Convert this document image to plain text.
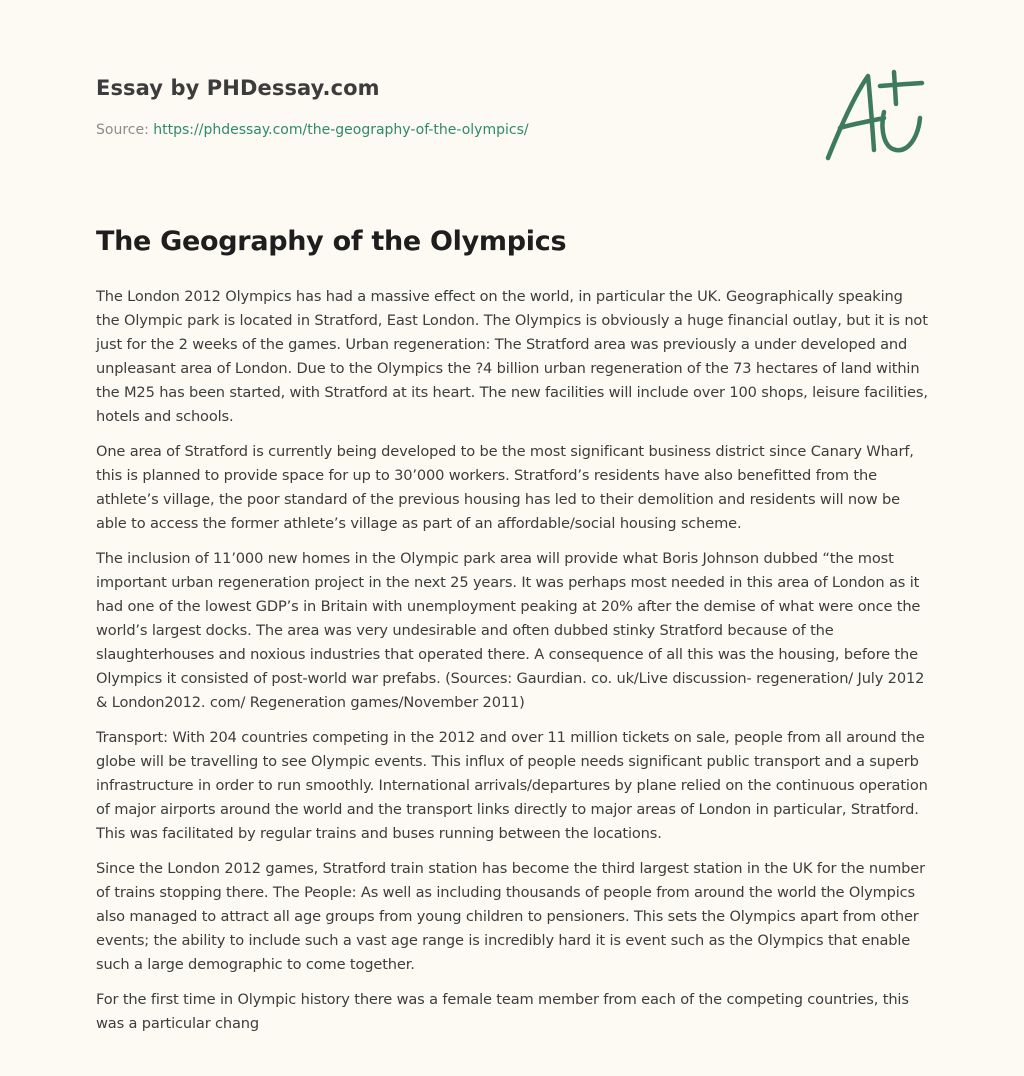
Essay by PHDessay.com
Source: https://phdessay.com/the-geography-of-the-olympics/
The Geography of the Olympics

The London 2012 Olympics has had a massive effect on the world, in particular the UK. Geographically speaking the Olympic park is located in Stratford, East London. The Olympics is obviously a huge financial outlay, but it is not just for the 2 weeks of the games. Urban regeneration: The Stratford area was previously a under developed and unpleasant area of London. Due to the Olympics the ?4 billion urban regeneration of the 73 hectares of land within the M25 has been started, with Stratford at its heart. The new facilities will include over 100 shops, leisure facilities, hotels and schools.

One area of Stratford is currently being developed to be the most significant business district since Canary Wharf, this is planned to provide space for up to 30’000 workers. Stratford’s residents have also benefitted from the athlete’s village, the poor standard of the previous housing has led to their demolition and residents will now be able to access the former athlete’s village as part of an affordable/social housing scheme.

The inclusion of 11’000 new homes in the Olympic park area will provide what Boris Johnson dubbed “the most important urban regeneration project in the next 25 years. It was perhaps most needed in this area of London as it had one of the lowest GDP’s in Britain with unemployment peaking at 20% after the demise of what were once the world’s largest docks. The area was very undesirable and often dubbed stinky Stratford because of the slaughterhouses and noxious industries that operated there. A consequence of all this was the housing, before the Olympics it consisted of post-world war prefabs. (Sources: Gaurdian. co. uk/Live discussion- regeneration/ July 2012 & London2012. com/ Regeneration games/November 2011)

Transport: With 204 countries competing in the 2012 and over 11 million tickets on sale, people from all around the globe will be travelling to see Olympic events. This influx of people needs significant public transport and a superb infrastructure in order to run smoothly. International arrivals/departures by plane relied on the continuous operation of major airports around the world and the transport links directly to major areas of London in particular, Stratford. This was facilitated by regular trains and buses running between the locations.

Since the London 2012 games, Stratford train station has become the third largest station in the UK for the number of trains stopping there. The People: As well as including thousands of people from around the world the Olympics also managed to attract all age groups from young children to pensioners. This sets the Olympics apart from other events; the ability to include such a vast age range is incredibly hard it is event such as the Olympics that enable such a large demographic to come together.

For the first time in Olympic history there was a female team member from each of the competing countries, this was a particular chang
